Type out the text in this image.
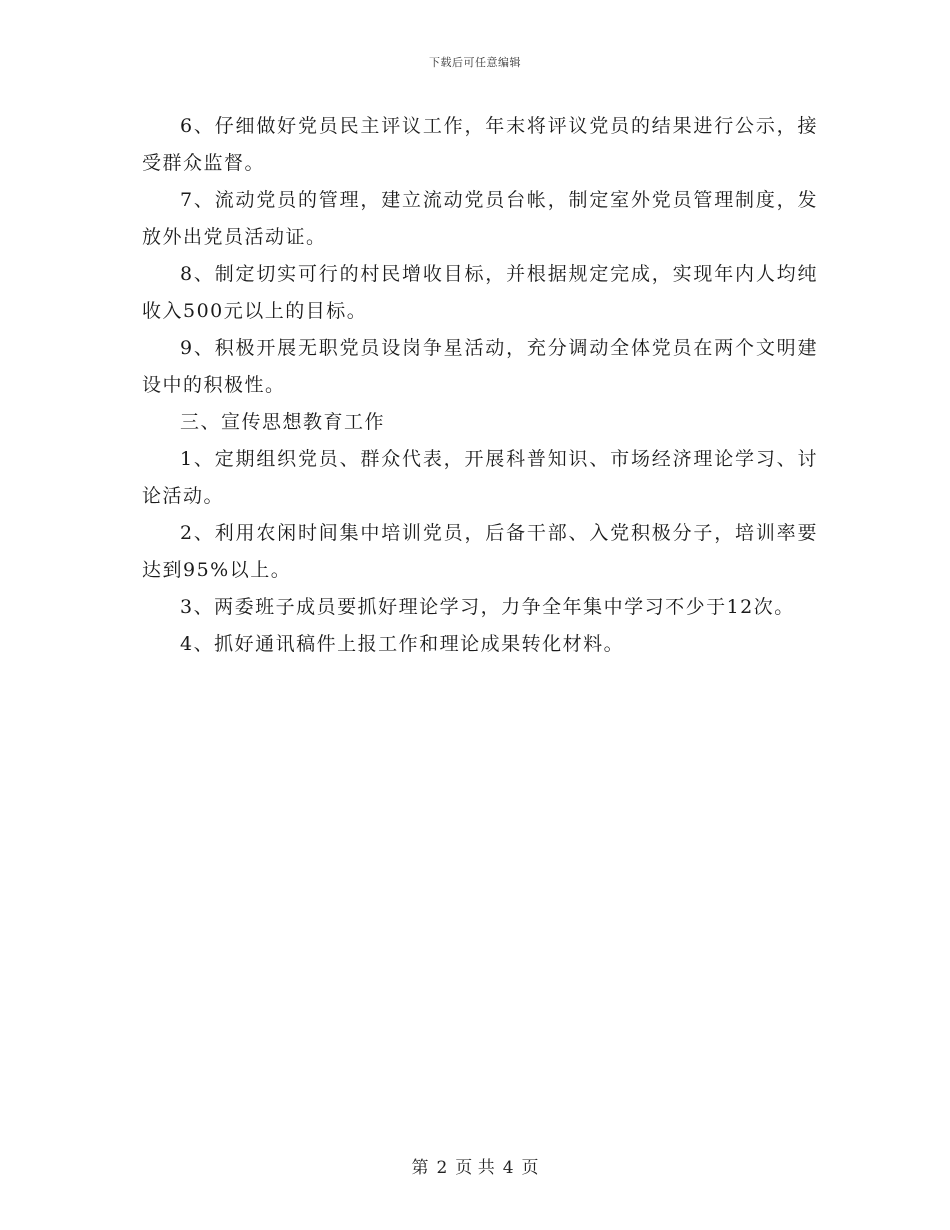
下载后可任意编辑

6、仔细做好党员民主评议工作，年末将评议党员的结果进行公示，接受群众监督。

7、流动党员的管理，建立流动党员台帐，制定室外党员管理制度，发放外出党员活动证。

8、制定切实可行的村民增收目标，并根据规定完成，实现年内人均纯收入500元以上的目标。

9、积极开展无职党员设岗争星活动，充分调动全体党员在两个文明建设中的积极性。

三、宣传思想教育工作

1、定期组织党员、群众代表，开展科普知识、市场经济理论学习、讨论活动。

2、利用农闲时间集中培训党员，后备干部、入党积极分子，培训率要达到95%以上。

3、两委班子成员要抓好理论学习，力争全年集中学习不少于12次。

4、抓好通讯稿件上报工作和理论成果转化材料。

第 2 页 共 4 页
